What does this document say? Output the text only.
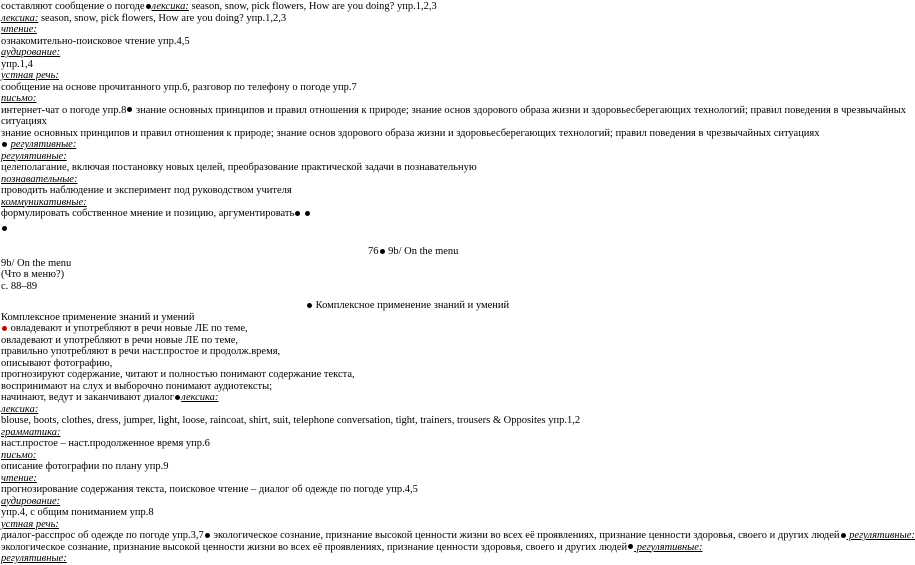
составляют сообщение о погоде лексика: season, snow, pick flowers, How are you doing? упр.1,2,3
лексика: season, snow, pick flowers, How are you doing? упр.1,2,3
чтение:
ознакомительно-поисковое чтение упр.4,5
аудирование:
упр.1,4
устная речь:
сообщение на основе прочитанного упр.6, разговор по телефону о погоде упр.7
письмо:
интернет-чат о погоде упр.8 знание основных принципов и правил отношения к природе; знание основ здорового образа жизни и здоровьесберегающих технологий; правил поведения в чрезвычайных
ситуациях
знание основных принципов и правил отношения к природе; знание основ здорового образа жизни и здоровьесберегающих технологий; правил поведения в чрезвычайных ситуациях
регулятивные:
регулятивные:
целеполагание, включая постановку новых целей, преобразование практической задачи в познавательную
познавательные:
проводить наблюдение и эксперимент под руководством учителя
коммуникативные:
формулировать собственное мнение и позицию, аргументировать
76 9b/ On the menu
9b/ On the menu
(Что в меню?)
с. 88–89
Комплексное применение знаний и умений
Комплексное применение знаний и умений
овладевают и употребляют в речи новые ЛЕ по теме,
овладевают и употребляют в речи новые ЛЕ по теме,
правильно употребляют в речи наст.простое и продолж.время,
описывают фотографию,
прогнозируют содержание, читают и полностью понимают содержание текста,
воспринимают на слух и выборочно понимают аудиотексты;
начинают, ведут и заканчивают диалог лексика:
лексика:
blouse, boots, clothes, dress, jumper, light, loose, raincoat, shirt, suit, telephone conversation, tight, trainers, trousers & Opposites упр.1,2
грамматика:
наст.простое – наст.продолженное время упр.6
письмо:
описание фотографии по плану упр.9
чтение:
прогнозирование содержания текста, поисковое чтение – диалог об одежде по погоде упр.4,5
аудирование:
упр.4, с общим пониманием упр.8
устная речь:
диалог-расспрос об одежде по погоде упр.3,7 экологическое сознание, признание высокой ценности жизни во всех её проявлениях, признание ценности здоровья, своего и других людей регулятивные:
экологическое сознание, признание высокой ценности жизни во всех её проявлениях, признание ценности здоровья, своего и других людей регулятивные:
регулятивные:
